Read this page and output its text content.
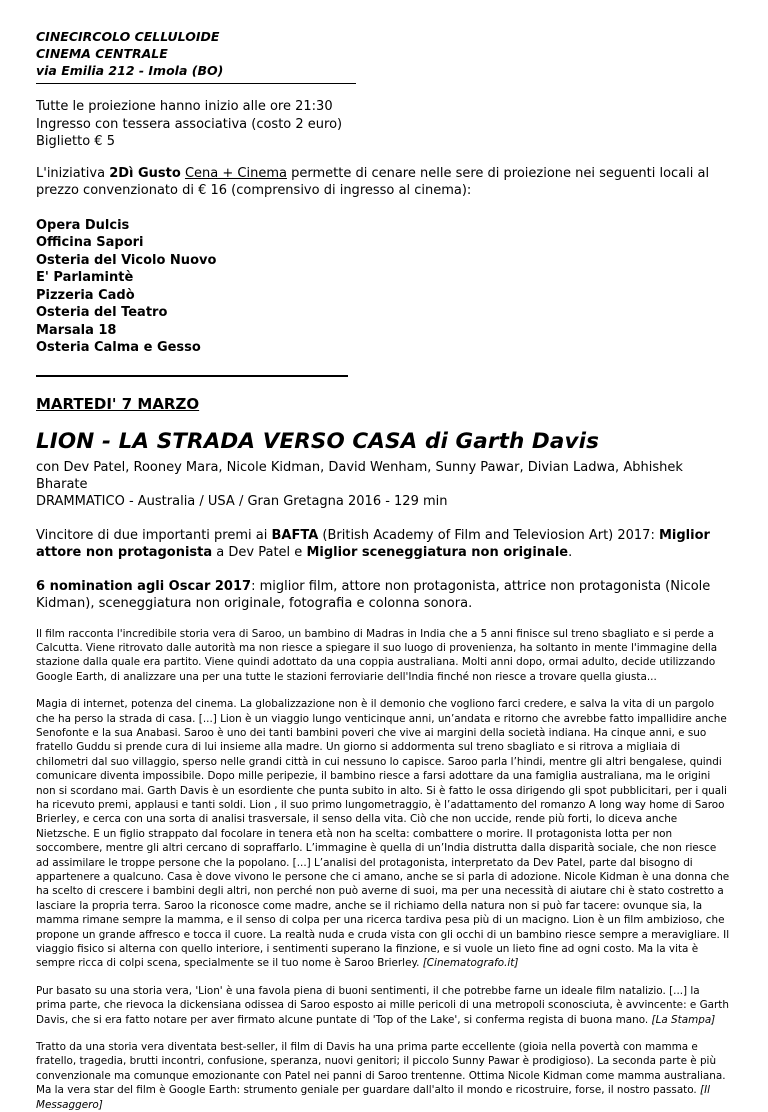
CINECIRCOLO CELLULOIDE
CINEMA CENTRALE
via Emilia 212 - Imola (BO)
Tutte le proiezione hanno inizio alle ore 21:30
Ingresso con tessera associativa (costo 2 euro)
Biglietto € 5

L'iniziativa 2Dì Gusto Cena + Cinema permette di cenare nelle sere di proiezione nei seguenti locali al prezzo convenzionato di € 16 (comprensivo di ingresso al cinema):

Opera Dulcis
Officina Sapori
Osteria del Vicolo Nuovo
E' Parlamintè
Pizzeria Cadò
Osteria del Teatro
Marsala 18
Osteria Calma e Gesso
MARTEDI' 7 MARZO
LION - LA STRADA VERSO CASA di Garth Davis
con Dev Patel, Rooney Mara, Nicole Kidman, David Wenham, Sunny Pawar, Divian Ladwa, Abhishek Bharate
DRAMMATICO - Australia / USA / Gran Gretagna 2016 - 129 min

Vincitore di due importanti premi ai BAFTA (British Academy of Film and Televiosion Art) 2017: Miglior attore non protagonista a Dev Patel e Miglior sceneggiatura non originale.

6 nomination agli Oscar 2017: miglior film, attore non protagonista, attrice non protagonista (Nicole Kidman), sceneggiatura non originale, fotografia e colonna sonora.

Il film racconta l'incredibile storia vera di Saroo, un bambino di Madras in India che a 5 anni finisce sul treno sbagliato e si perde a Calcutta. Viene ritrovato dalle autorità ma non riesce a spiegare il suo luogo di provenienza, ha soltanto in mente l'immagine della stazione dalla quale era partito. Viene quindi adottato da una coppia australiana. Molti anni dopo, ormai adulto, decide utilizzando Google Earth, di analizzare una per una tutte le stazioni ferroviarie dell'India finché non riesce a trovare quella giusta...

Magia di internet, potenza del cinema. La globalizzazione non è il demonio che vogliono farci credere, e salva la vita di un pargolo che ha perso la strada di casa. [...] Lion è un viaggio lungo venticinque anni, un’andata e ritorno che avrebbe fatto impallidire anche Senofonte e la sua Anabasi. Saroo è uno dei tanti bambini poveri che vive ai margini della società indiana. Ha cinque anni, e suo fratello Guddu si prende cura di lui insieme alla madre. Un giorno si addormenta sul treno sbagliato e si ritrova a migliaia di chilometri dal suo villaggio, sperso nelle grandi città in cui nessuno lo capisce. Saroo parla l’hindi, mentre gli altri bengalese, quindi comunicare diventa impossibile. Dopo mille peripezie, il bambino riesce a farsi adottare da una famiglia australiana, ma le origini non si scordano mai. Garth Davis è un esordiente che punta subito in alto. Si è fatto le ossa dirigendo gli spot pubblicitari, per i quali ha ricevuto premi, applausi e tanti soldi. Lion , il suo primo lungometraggio, è l’adattamento del romanzo A long way home di Saroo Brierley, e cerca con una sorta di analisi trasversale, il senso della vita. Ciò che non uccide, rende più forti, lo diceva anche Nietzsche. E un figlio strappato dal focolare in tenera età non ha scelta: combattere o morire. Il protagonista lotta per non soccombere, mentre gli altri cercano di sopraffarlo. L’immagine è quella di un’India distrutta dalla disparità sociale, che non riesce ad assimilare le troppe persone che la popolano. [...] L’analisi del protagonista, interpretato da Dev Patel, parte dal bisogno di appartenere a qualcuno. Casa è dove vivono le persone che ci amano, anche se si parla di adozione. Nicole Kidman è una donna che ha scelto di crescere i bambini degli altri, non perché non può averne di suoi, ma per una necessità di aiutare chi è stato costretto a lasciare la propria terra. Saroo la riconosce come madre, anche se il richiamo della natura non si può far tacere: ovunque sia, la mamma rimane sempre la mamma, e il senso di colpa per una ricerca tardiva pesa più di un macigno. Lion è un film ambizioso, che propone un grande affresco e tocca il cuore. La realtà nuda e cruda vista con gli occhi di un bambino riesce sempre a meravigliare. Il viaggio fisico si alterna con quello interiore, i sentimenti superano la finzione, e si vuole un lieto fine ad ogni costo. Ma la vita è sempre ricca di colpi scena, specialmente se il tuo nome è Saroo Brierley. [Cinematografo.it]

Pur basato su una storia vera, 'Lion' è una favola piena di buoni sentimenti, il che potrebbe farne un ideale film natalizio. [...] la prima parte, che rievoca la dickensiana odissea di Saroo esposto ai mille pericoli di una metropoli sconosciuta, è avvincente: e Garth Davis, che si era fatto notare per aver firmato alcune puntate di 'Top of the Lake', si conferma regista di buona mano. [La Stampa]

Tratto da una storia vera diventata best-seller, il film di Davis ha una prima parte eccellente (gioia nella povertà con mamma e fratello, tragedia, brutti incontri, confusione, speranza, nuovi genitori; il piccolo Sunny Pawar è prodigioso). La seconda parte è più convenzionale ma comunque emozionante con Patel nei panni di Saroo trentenne. Ottima Nicole Kidman come mamma australiana. Ma la vera star del film è Google Earth: strumento geniale per guardare dall'alto il mondo e ricostruire, forse, il nostro passato. [Il Messaggero]
